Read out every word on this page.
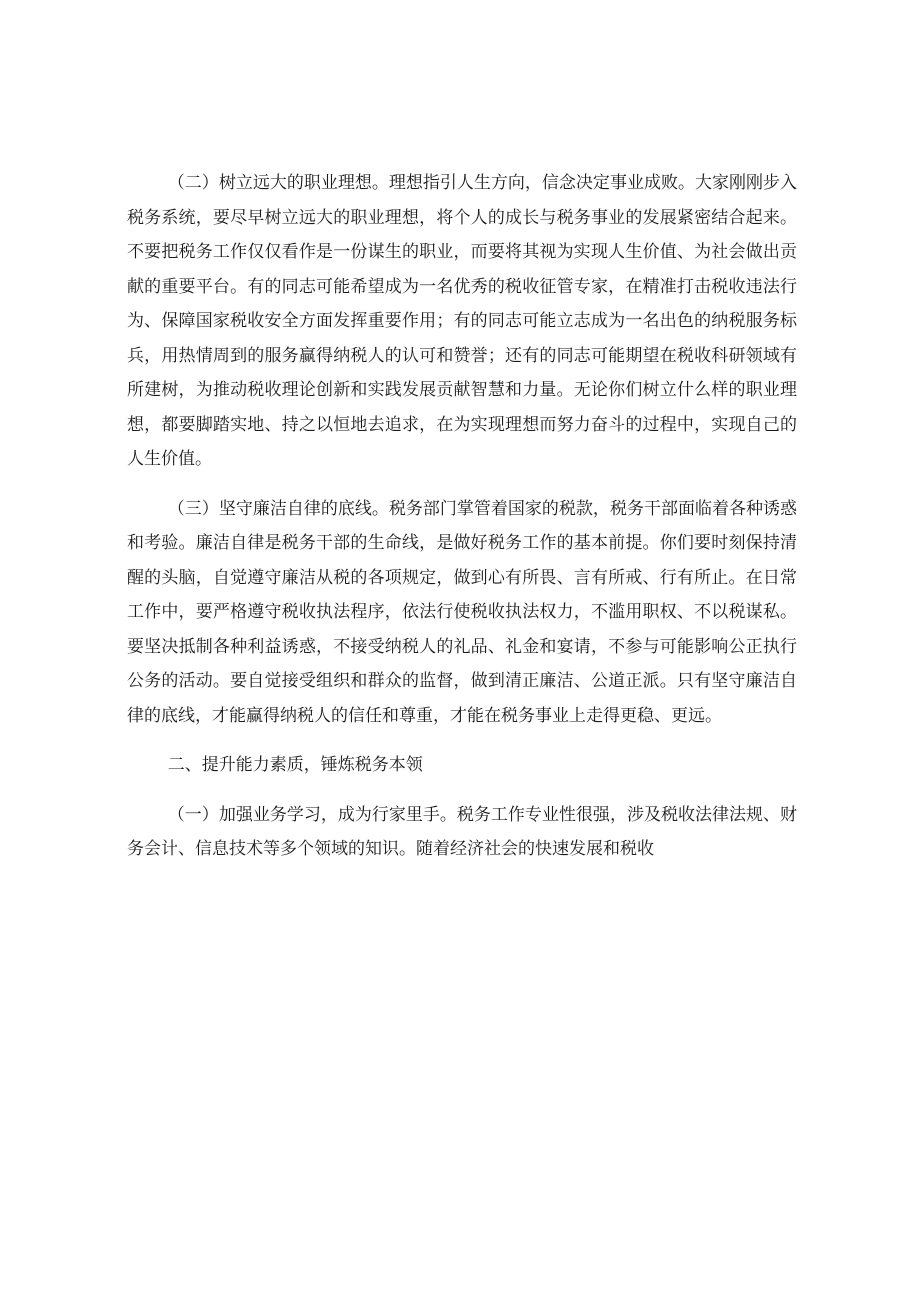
（二）树立远大的职业理想。理想指引人生方向，信念决定事业成败。大家刚刚步入税务系统，要尽早树立远大的职业理想，将个人的成长与税务事业的发展紧密结合起来。不要把税务工作仅仅看作是一份谋生的职业，而要将其视为实现人生价值、为社会做出贡献的重要平台。有的同志可能希望成为一名优秀的税收征管专家，在精准打击税收违法行为、保障国家税收安全方面发挥重要作用；有的同志可能立志成为一名出色的纳税服务标兵，用热情周到的服务赢得纳税人的认可和赞誉；还有的同志可能期望在税收科研领域有所建树，为推动税收理论创新和实践发展贡献智慧和力量。无论你们树立什么样的职业理想，都要脚踏实地、持之以恒地去追求，在为实现理想而努力奋斗的过程中，实现自己的人生价值。

（三）坚守廉洁自律的底线。税务部门掌管着国家的税款，税务干部面临着各种诱惑和考验。廉洁自律是税务干部的生命线，是做好税务工作的基本前提。你们要时刻保持清醒的头脑，自觉遵守廉洁从税的各项规定，做到心有所畏、言有所戒、行有所止。在日常工作中，要严格遵守税收执法程序，依法行使税收执法权力，不滥用职权、不以税谋私。要坚决抵制各种利益诱惑，不接受纳税人的礼品、礼金和宴请，不参与可能影响公正执行公务的活动。要自觉接受组织和群众的监督，做到清正廉洁、公道正派。只有坚守廉洁自律的底线，才能赢得纳税人的信任和尊重，才能在税务事业上走得更稳、更远。

二、提升能力素质，锤炼税务本领

（一）加强业务学习，成为行家里手。税务工作专业性很强，涉及税收法律法规、财务会计、信息技术等多个领域的知识。随着经济社会的快速发展和税收
